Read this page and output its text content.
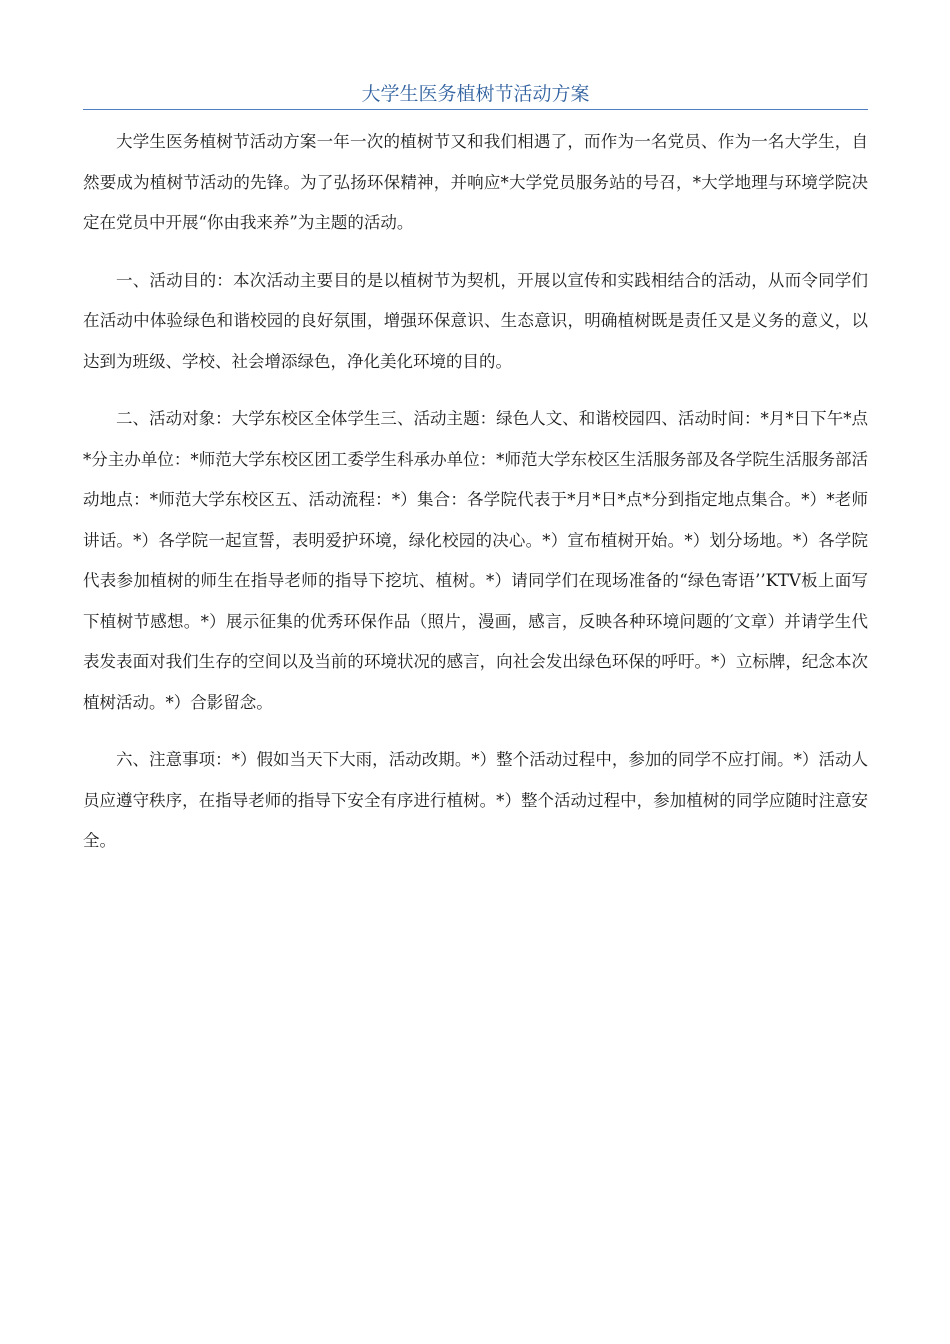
大学生医务植树节活动方案

大学生医务植树节活动方案一年一次的植树节又和我们相遇了，而作为一名党员、作为一名大学生，自然要成为植树节活动的先锋。为了弘扬环保精神，并响应*大学党员服务站的号召，*大学地理与环境学院决定在党员中开展“你由我来养”为主题的活动。

一、活动目的：本次活动主要目的是以植树节为契机，开展以宣传和实践相结合的活动，从而令同学们在活动中体验绿色和谐校园的良好氛围，增强环保意识、生态意识，明确植树既是责任又是义务的意义，以达到为班级、学校、社会增添绿色，净化美化环境的目的。

二、活动对象：大学东校区全体学生三、活动主题：绿色人文、和谐校园四、活动时间：*月*日下午*点*分主办单位：*师范大学东校区团工委学生科承办单位：*师范大学东校区生活服务部及各学院生活服务部活动地点：*师范大学东校区五、活动流程：*）集合：各学院代表于*月*日*点*分到指定地点集合。*）*老师讲话。*）各学院一起宣誓，表明爱护环境，绿化校园的决心。*）宣布植树开始。*）划分场地。*）各学院代表参加植树的师生在指导老师的指导下挖坑、植树。*）请同学们在现场准备的“绿色寄语’’KTV板上面写下植树节感想。*）展示征集的优秀环保作品（照片，漫画，感言，反映各种环境问题的′文章）并请学生代表发表面对我们生存的空间以及当前的环境状况的感言，向社会发出绿色环保的呼吁。*）立标牌，纪念本次植树活动。*）合影留念。

六、注意事项：*）假如当天下大雨，活动改期。*）整个活动过程中，参加的同学不应打闹。*）活动人员应遵守秩序，在指导老师的指导下安全有序进行植树。*）整个活动过程中，参加植树的同学应随时注意安全。
